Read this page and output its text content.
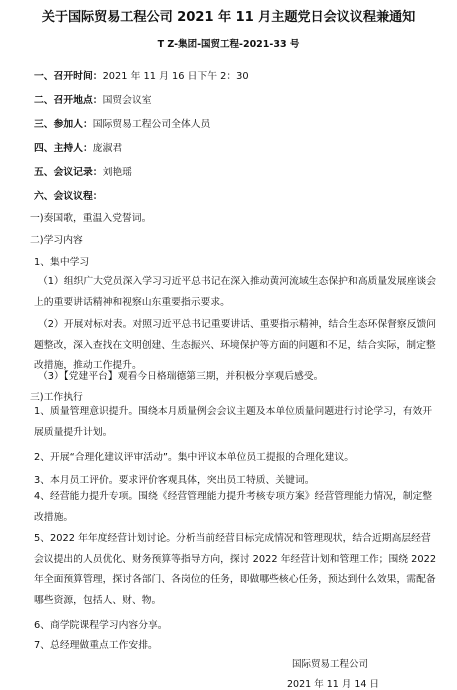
关于国际贸易工程公司 2021 年 11 月主题党日会议议程兼通知
T Z-集团-国贸工程-2021-33 号
一、召开时间：2021 年 11 月 16 日下午 2：30
二、召开地点：国贸会议室
三、参加人：国际贸易工程公司全体人员
四、主持人：庞淑君
五、会议记录：刘艳瑶
六、会议议程：
一)奏国歌，重温入党誓词。
二)学习内容
1、集中学习
（1）组织广大党员深入学习习近平总书记在深入推动黄河流域生态保护和高质量发展座谈会上的重要讲话精神和视察山东重要指示要求。
（2）开展对标对表。对照习近平总书记重要讲话、重要指示精神，结合生态环保督察反馈问题整改，深入查找在文明创建、生态振兴、环境保护等方面的问题和不足，结合实际，制定整改措施，推动工作提升。
（3）【党建平台】观看今日格瑞德第三期，并积极分享观后感受。
三)工作执行
1、质量管理意识提升。围绕本月质量例会会议主题及本单位质量问题进行讨论学习，有效开展质量提升计划。
2、开展“合理化建议评审活动”。集中评议本单位员工提报的合理化建议。
3、本月员工评价。要求评价客观具体，突出员工特质、关键词。
4、经营能力提升专项。围绕《经营管理能力提升考核专项方案》经营管理能力情况，制定整改措施。
5、2022 年年度经营计划讨论。分析当前经营目标完成情况和管理现状，结合近期高层经营会议提出的人员优化、财务预算等指导方向，探讨 2022 年经营计划和管理工作；围绕 2022 年全面预算管理，探讨各部门、各岗位的任务，即做哪些核心任务，预达到什么效果，需配备哪些资源，包括人、财、物。
6、商学院课程学习内容分享。
7、总经理做重点工作安排。
国际贸易工程公司
2021 年 11 月 14 日
